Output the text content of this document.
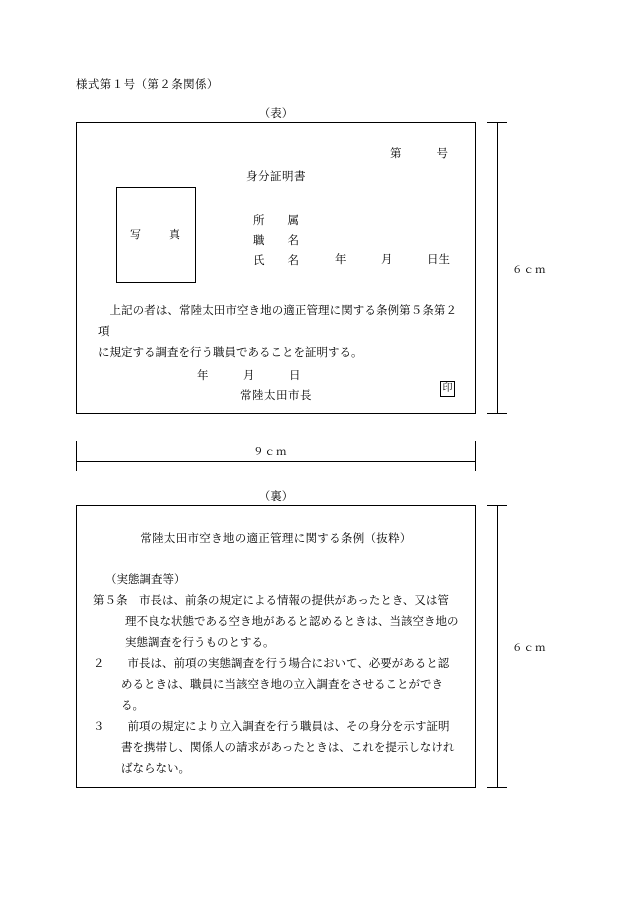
様式第１号（第２条関係）
（表）
第	号
身分証明書
写　　真
所　　属
職　　名
氏　　名	年　　　月　　　日生

上記の者は、常陸太田市空き地の適正管理に関する条例第５条第２項

に規定する調査を行う職員であることを証明する。

年　　　月　　　日
常陸太田市長
印
６ｃｍ
９ｃｍ
（裏）
常陸太田市空き地の適正管理に関する条例（抜粋）

（実態調査等）

第５条　市長は、前条の規定による情報の提供があったとき、又は管理不良な状態である空き地があると認めるときは、当該空き地の実態調査を行うものとする。

２　　市長は、前項の実態調査を行う場合において、必要があると認めるときは、職員に当該空き地の立入調査をさせることができる。

３　　前項の規定により立入調査を行う職員は、その身分を示す証明書を携帯し、関係人の請求があったときは、これを提示しなければならない。

６ｃｍ
